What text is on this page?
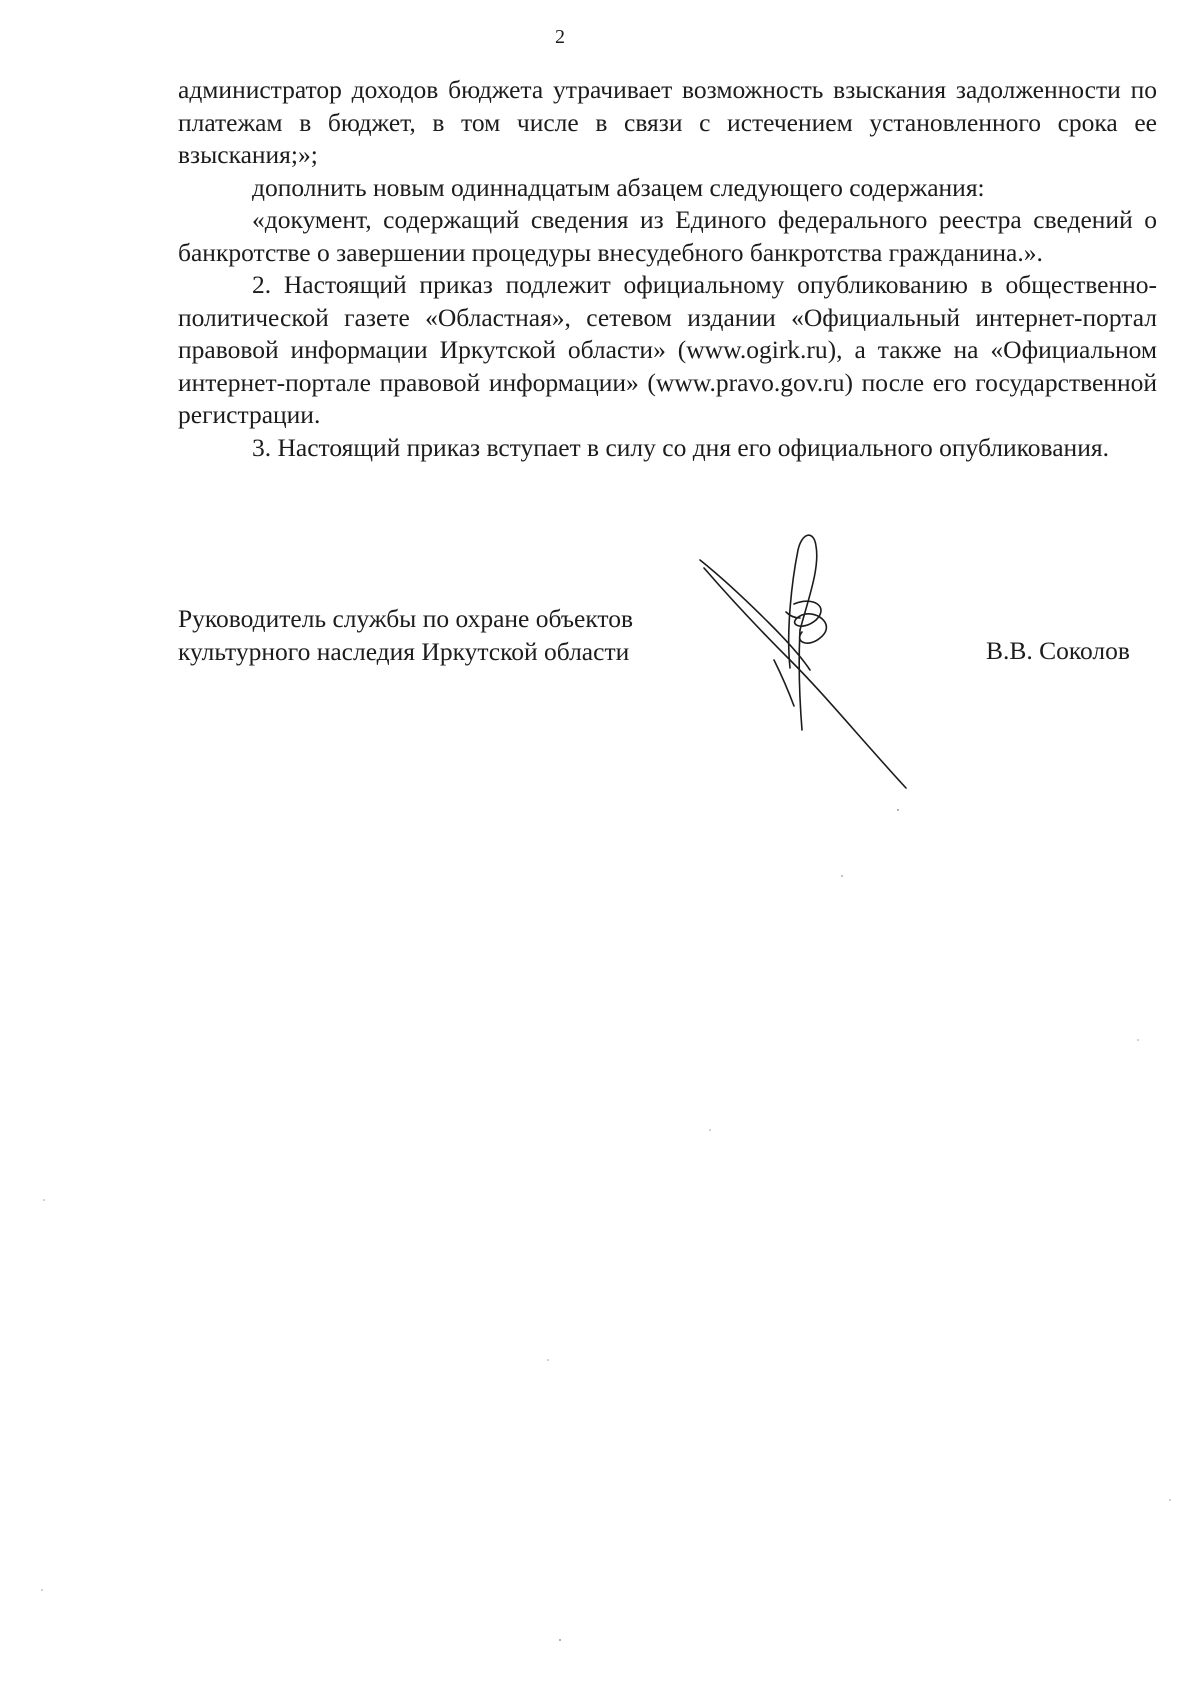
2

администратор доходов бюджета утрачивает возможность взыскания задолженности по платежам в бюджет, в том числе в связи с истечением установленного срока ее взыскания;»;

дополнить новым одиннадцатым абзацем следующего содержания:

«документ, содержащий сведения из Единого федерального реестра сведений о банкротстве о завершении процедуры внесудебного банкротства гражданина.».

2. Настоящий приказ подлежит официальному опубликованию в общественно-политической газете «Областная», сетевом издании «Официальный интернет-портал правовой информации Иркутской области» (www.ogirk.ru), а также на «Официальном интернет-портале правовой информации» (www.pravo.gov.ru) после его государственной регистрации.

3. Настоящий приказ вступает в силу со дня его официального опубликования.

Руководитель службы по охране объектов
культурного наследия Иркутской области	В.В. Соколов
